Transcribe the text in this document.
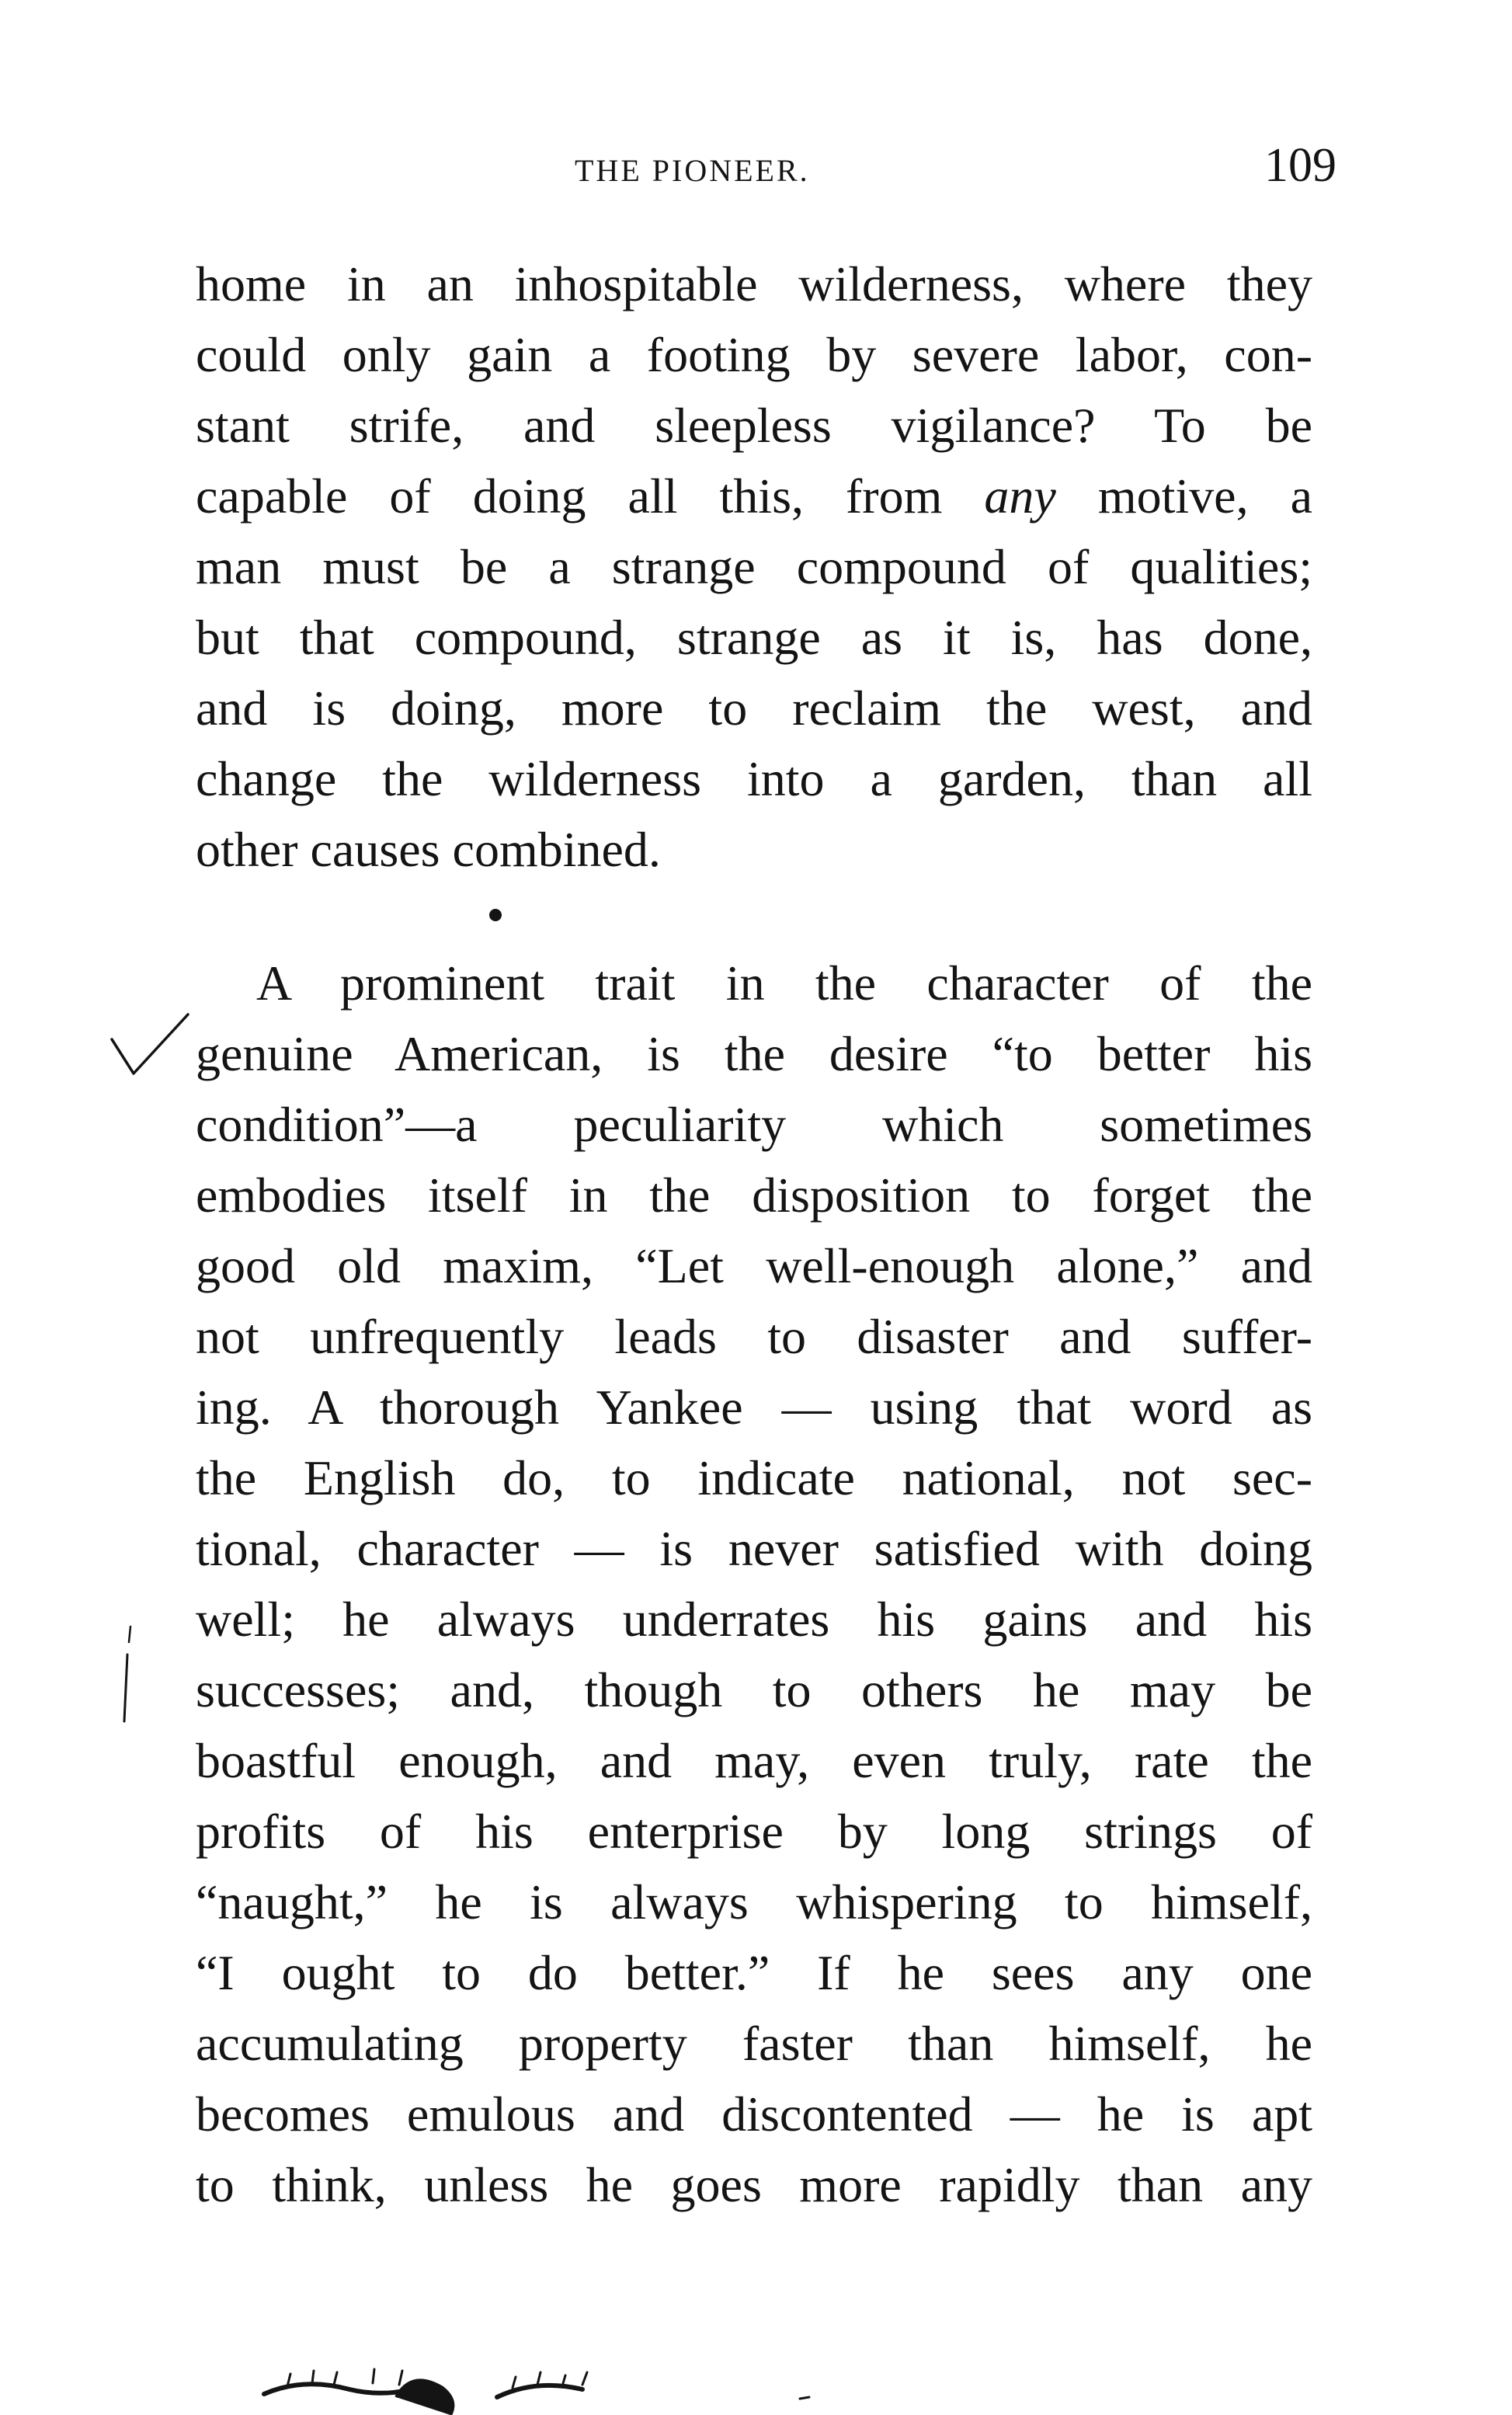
THE PIONEER.	109
home in an inhospitable wilderness, where they
could only gain a footing by severe labor, con-
stant strife, and sleepless vigilance? To be
capable of doing all this, from any motive, a
man must be a strange compound of qualities;
but that compound, strange as it is, has done,
and is doing, more to reclaim the west, and
change the wilderness into a garden, than all
other causes combined.
A prominent trait in the character of the
genuine American, is the desire “to better his
condition”—a peculiarity which sometimes
embodies itself in the disposition to forget the
good old maxim, “Let well-enough alone,” and
not unfrequently leads to disaster and suffer-
ing. A thorough Yankee — using that word as
the English do, to indicate national, not sec-
tional, character — is never satisfied with doing
well; he always underrates his gains and his
successes; and, though to others he may be
boastful enough, and may, even truly, rate the
profits of his enterprise by long strings of
“naught,” he is always whispering to himself,
“I ought to do better.” If he sees any one
accumulating property faster than himself, he
becomes emulous and discontented — he is apt
to think, unless he goes more rapidly than any
